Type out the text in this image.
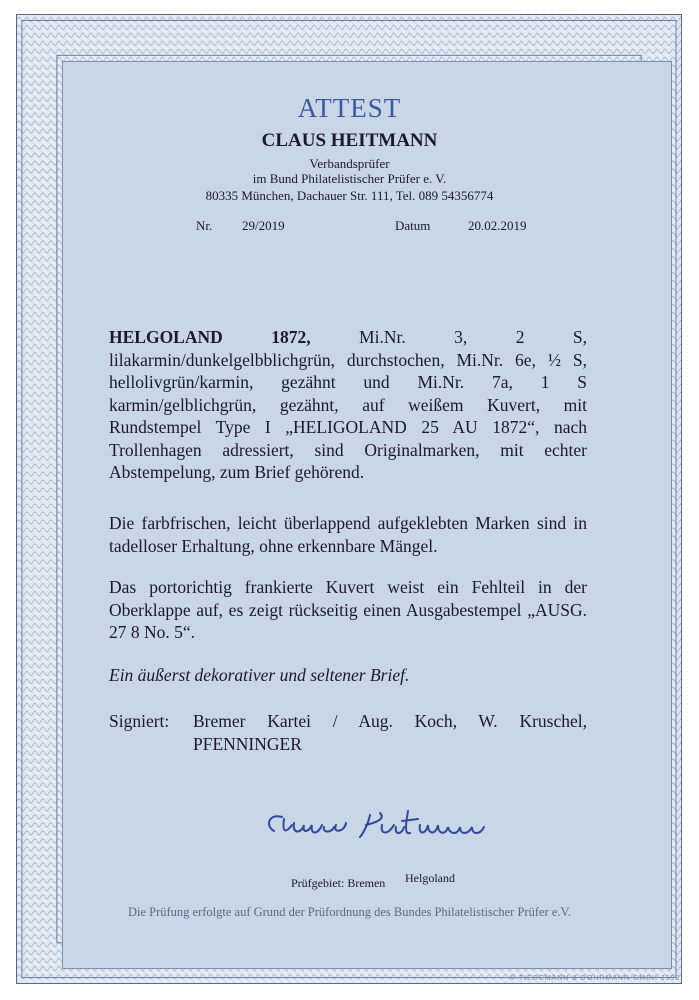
ATTEST
CLAUS HEITMANN
Verbandsprüfer
im Bund Philatelistischer Prüfer e. V.
80335 München, Dachauer Str. 111, Tel. 089 54356774
Nr. 29/2019	Datum	20.02.2019
HELGOLAND 1872, Mi.Nr. 3, 2 S, lilakarmin/dunkelgelbblichgrün, durchstochen, Mi.Nr. 6e, ½ S, hellolivgrün/karmin, gezähnt und Mi.Nr. 7a, 1 S karmin/gelblichgrün, gezähnt, auf weißem Kuvert, mit Rundstempel Type I „HELIGOLAND 25 AU 1872“, nach Trollenhagen adressiert, sind Originalmarken, mit echter Abstempelung, zum Brief gehörend.
Die farbfrischen, leicht überlappend aufgeklebten Marken sind in tadelloser Erhaltung, ohne erkennbare Mängel.
Das portorichtig frankierte Kuvert weist ein Fehlteil in der Oberklappe auf, es zeigt rückseitig einen Ausgabestempel „AUSG. 27 8 No. 5“.
Ein äußerst dekorativer und seltener Brief.
Signiert: Bremer Kartei / Aug. Koch, W. Kruschel,
PFENNINGER
Prüfgebiet: Bremen Helgoland
Die Prüfung erfolgte auf Grund der Prüfordnung des Bundes Philatelistischer Prüfer e.V.
© TIEDEMANN & DOHRMANN GMBH 1992
